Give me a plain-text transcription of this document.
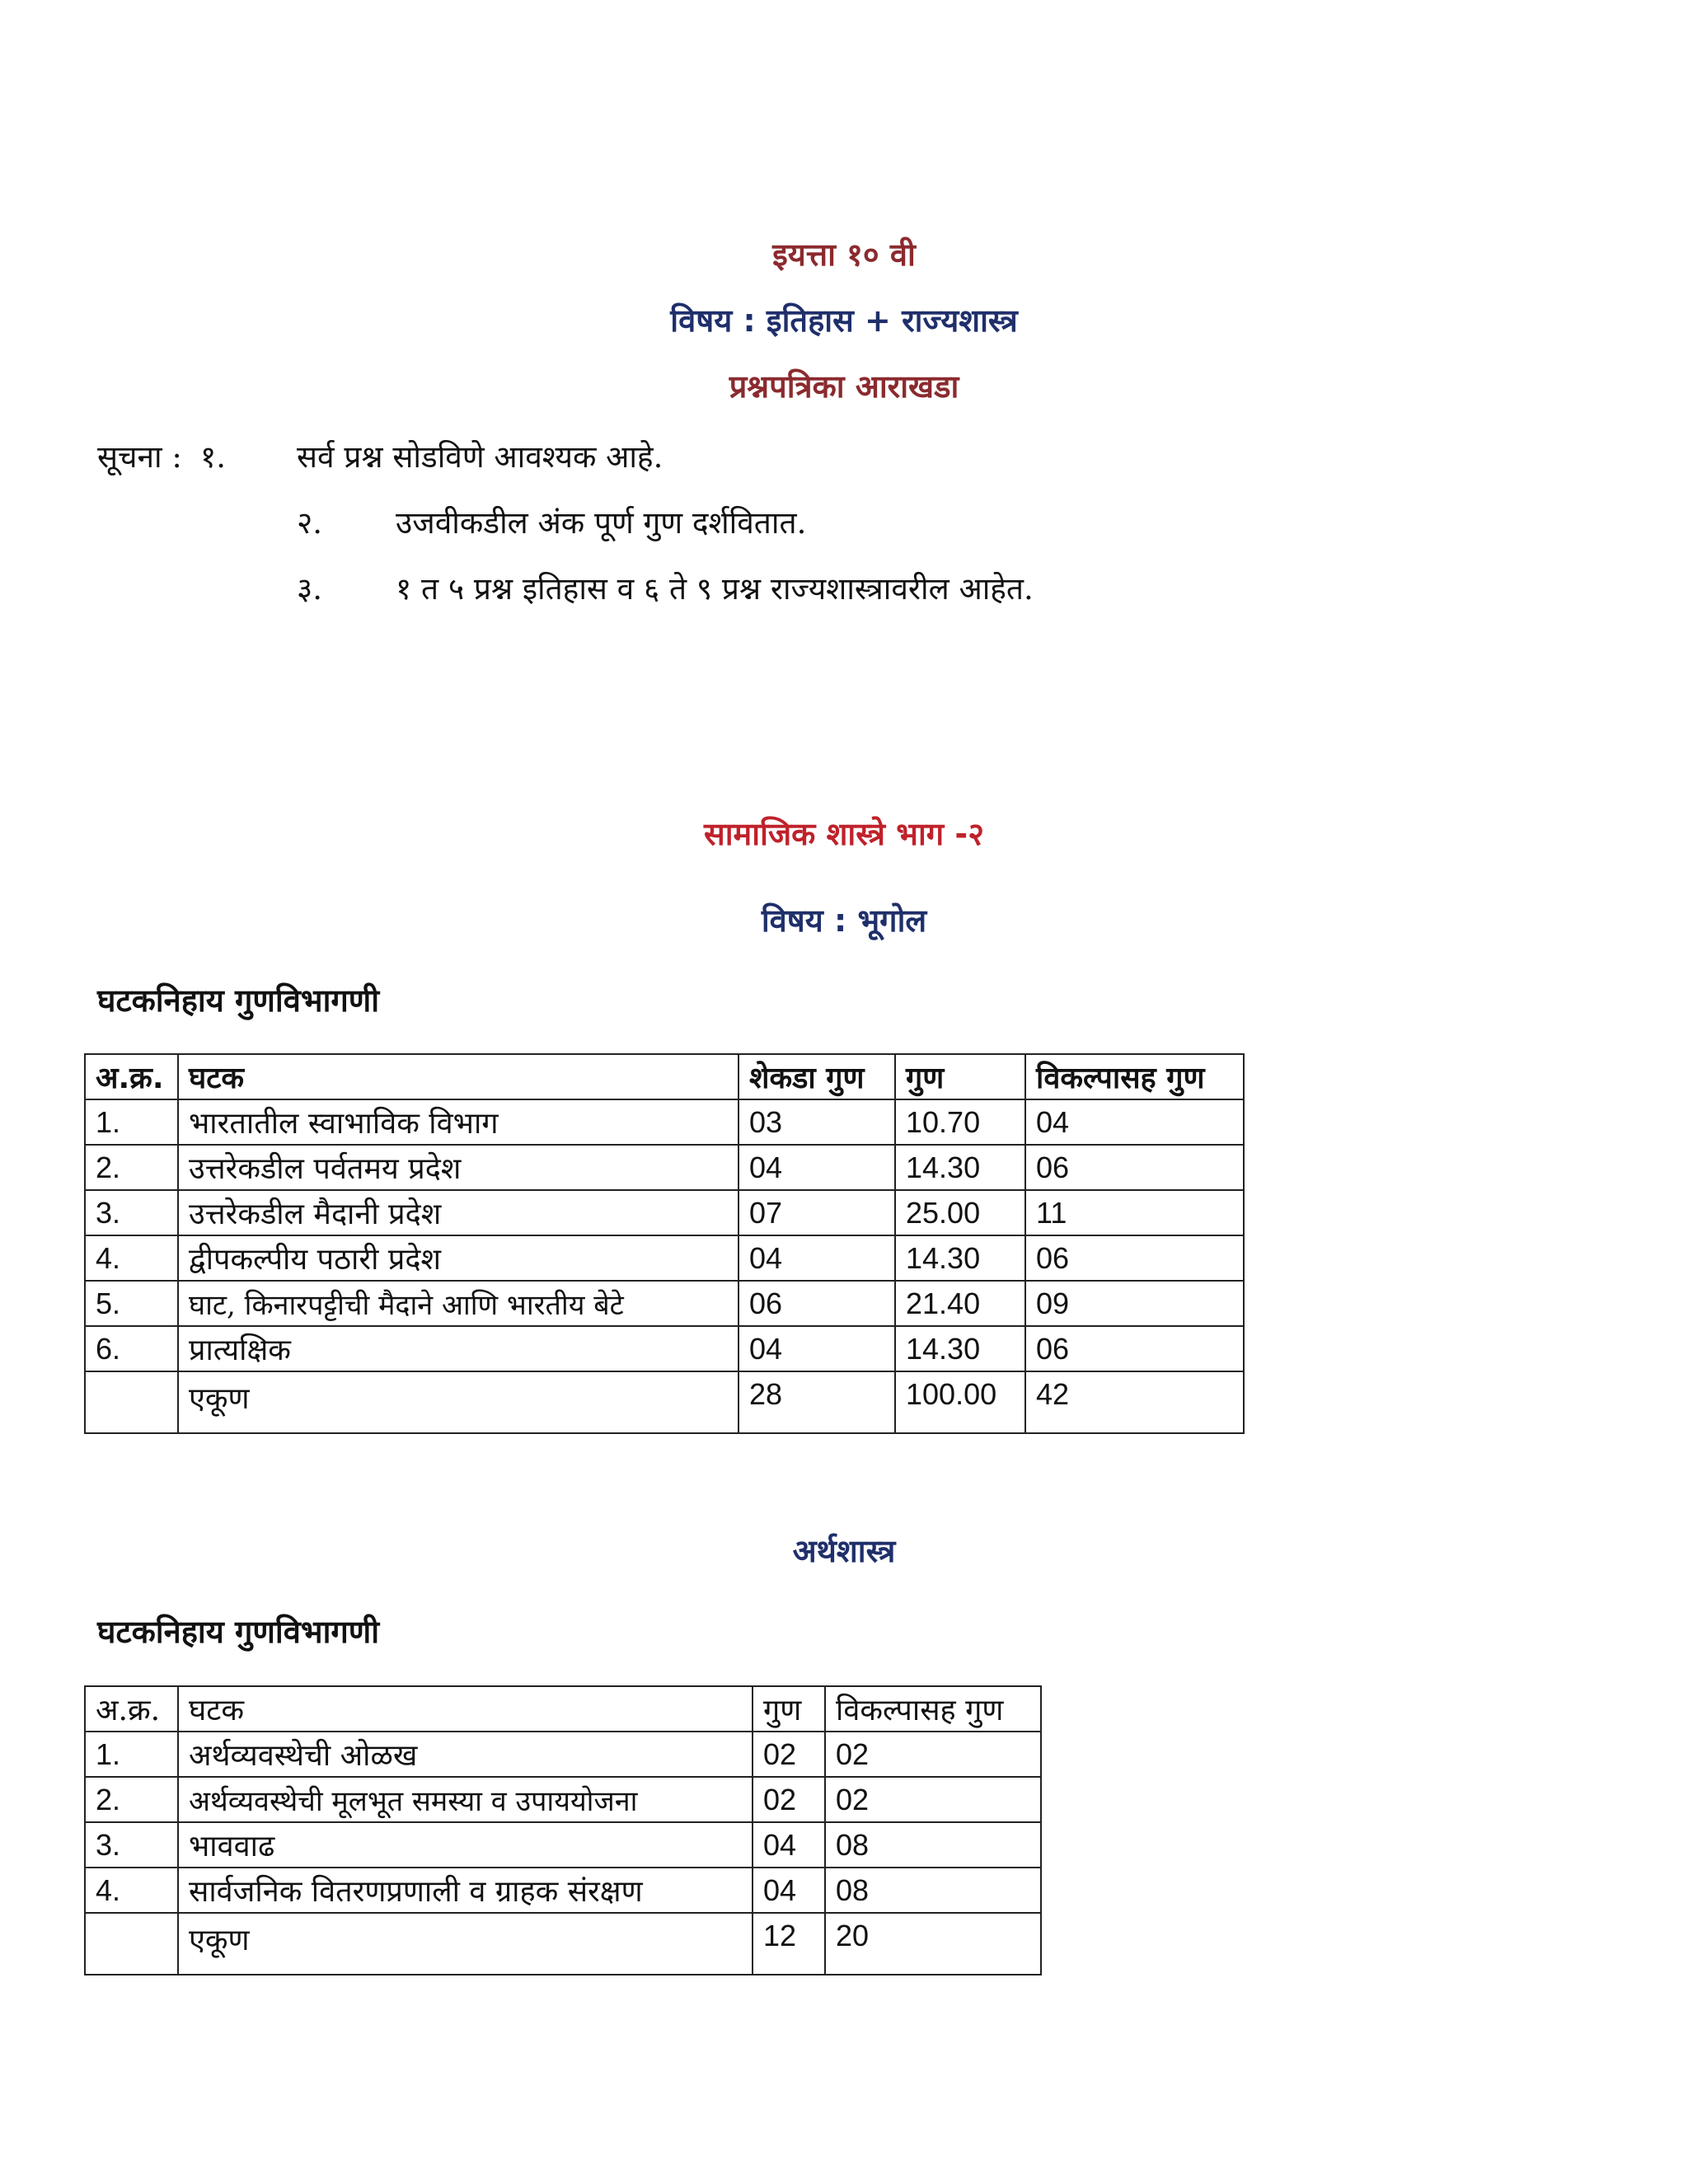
इयत्ता १० वी
विषय : इतिहास + राज्यशास्त्र
प्रश्नपत्रिका आराखडा
सूचना : १. सर्व प्रश्न सोडविणे आवश्यक आहे.
२. उजवीकडील अंक पूर्ण गुण दर्शवितात.
३. १ त ५ प्रश्न इतिहास व ६ ते ९ प्रश्न राज्यशास्त्रावरील आहेत.
सामाजिक शास्त्रे भाग -२
विषय : भूगोल
घटकनिहाय गुणविभागणी
अ.क्र.	घटक	शेकडा गुण	गुण	विकल्पासह गुण
1.	भारतातील स्वाभाविक विभाग	03	10.70	04
2.	उत्तरेकडील पर्वतमय प्रदेश	04	14.30	06
3.	उत्तरेकडील मैदानी प्रदेश	07	25.00	11
4.	द्वीपकल्पीय पठारी प्रदेश	04	14.30	06
5.	घाट, किनारपट्टीची मैदाने आणि भारतीय बेटे	06	21.40	09
6.	प्रात्यक्षिक	04	14.30	06
	एकूण	28	100.00	42
अर्थशास्त्र
घटकनिहाय गुणविभागणी
अ.क्र.	घटक	गुण	विकल्पासह गुण
1.	अर्थव्यवस्थेची ओळख	02	02
2.	अर्थव्यवस्थेची मूलभूत समस्या व उपाययोजना	02	02
3.	भाववाढ	04	08
4.	सार्वजनिक वितरणप्रणाली व ग्राहक संरक्षण	04	08
	एकूण	12	20
